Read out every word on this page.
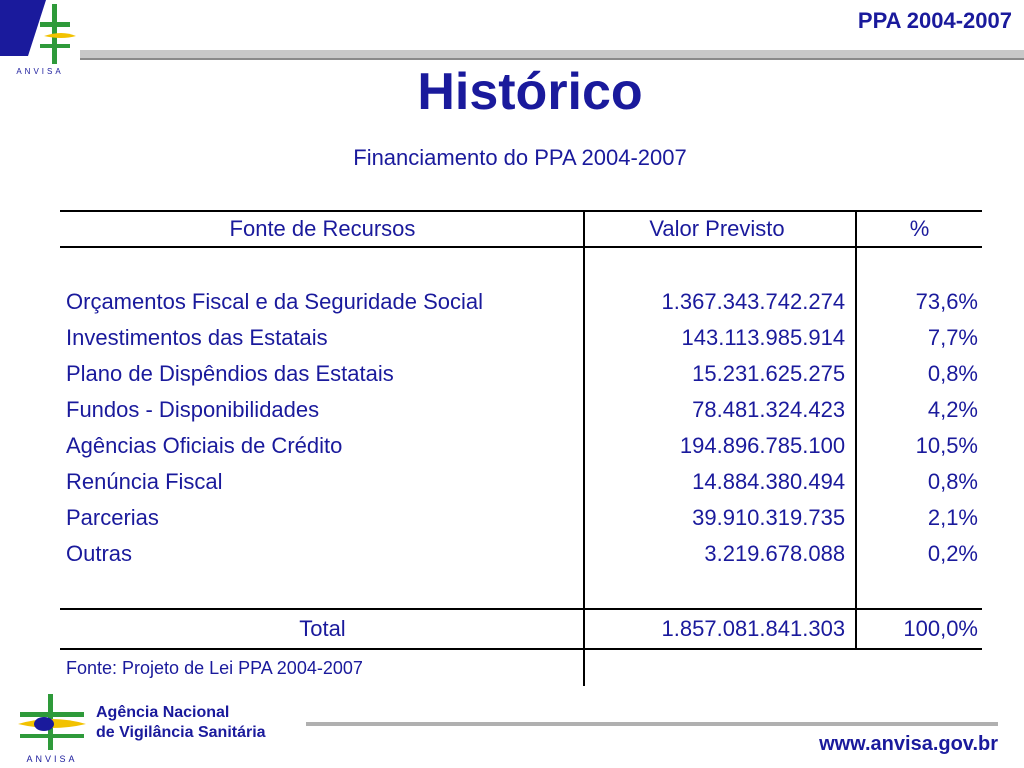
ANVISA
PPA 2004-2007
Histórico
Financiamento do PPA 2004-2007
Fonte de Recursos	Valor Previsto	%

Orçamentos Fiscal e da Seguridade Social	1.367.343.742.274	73,6%
Investimentos das Estatais	143.113.985.914	7,7%
Plano de Dispêndios das Estatais	15.231.625.275	0,8%
Fundos - Disponibilidades	78.481.324.423	4,2%
Agências Oficiais de Crédito	194.896.785.100	10,5%
Renúncia Fiscal	14.884.380.494	0,8%
Parcerias	39.910.319.735	2,1%
Outras	3.219.678.088	0,2%

Total	1.857.081.841.303	100,0%
Fonte: Projeto de Lei PPA 2004-2007		
ANVISA
Agência Nacional
de Vigilância Sanitária
www.anvisa.gov.br
